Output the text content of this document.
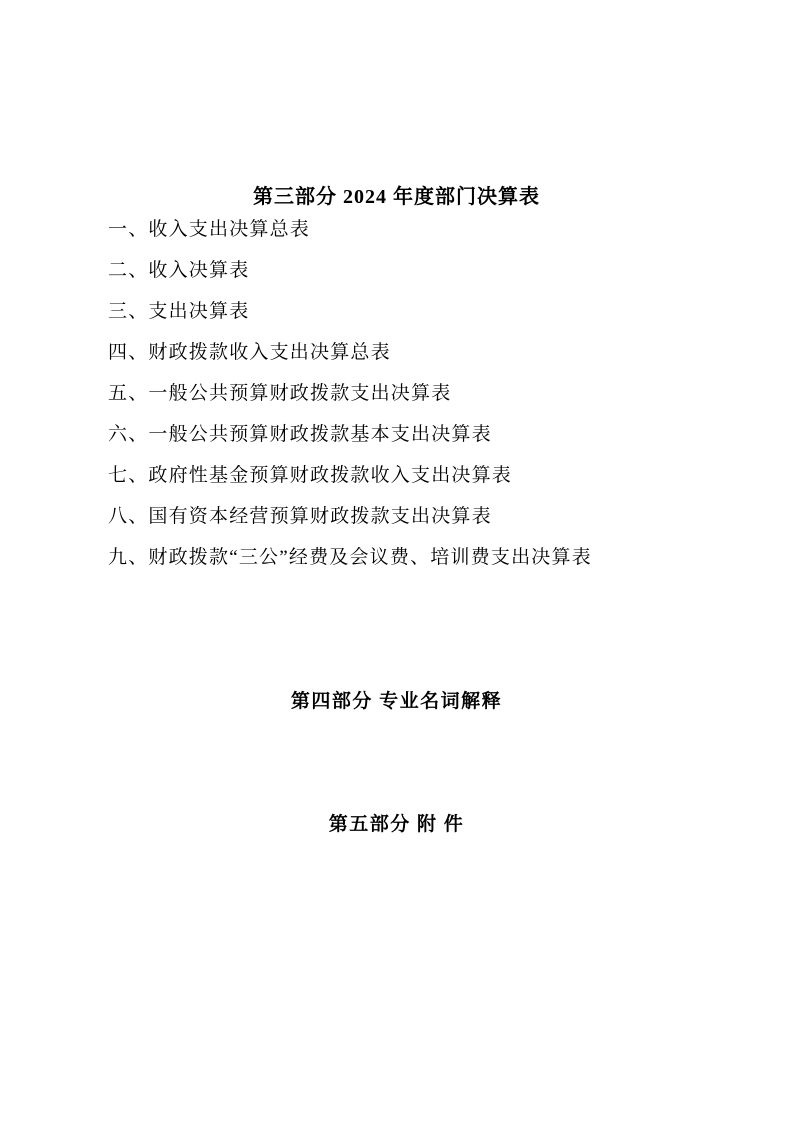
第三部分 2024 年度部门决算表
一、收入支出决算总表
二、收入决算表
三、支出决算表
四、财政拨款收入支出决算总表
五、一般公共预算财政拨款支出决算表
六、一般公共预算财政拨款基本支出决算表
七、政府性基金预算财政拨款收入支出决算表
八、国有资本经营预算财政拨款支出决算表
九、财政拨款“三公”经费及会议费、培训费支出决算表
第四部分 专业名词解释
第五部分 附 件
